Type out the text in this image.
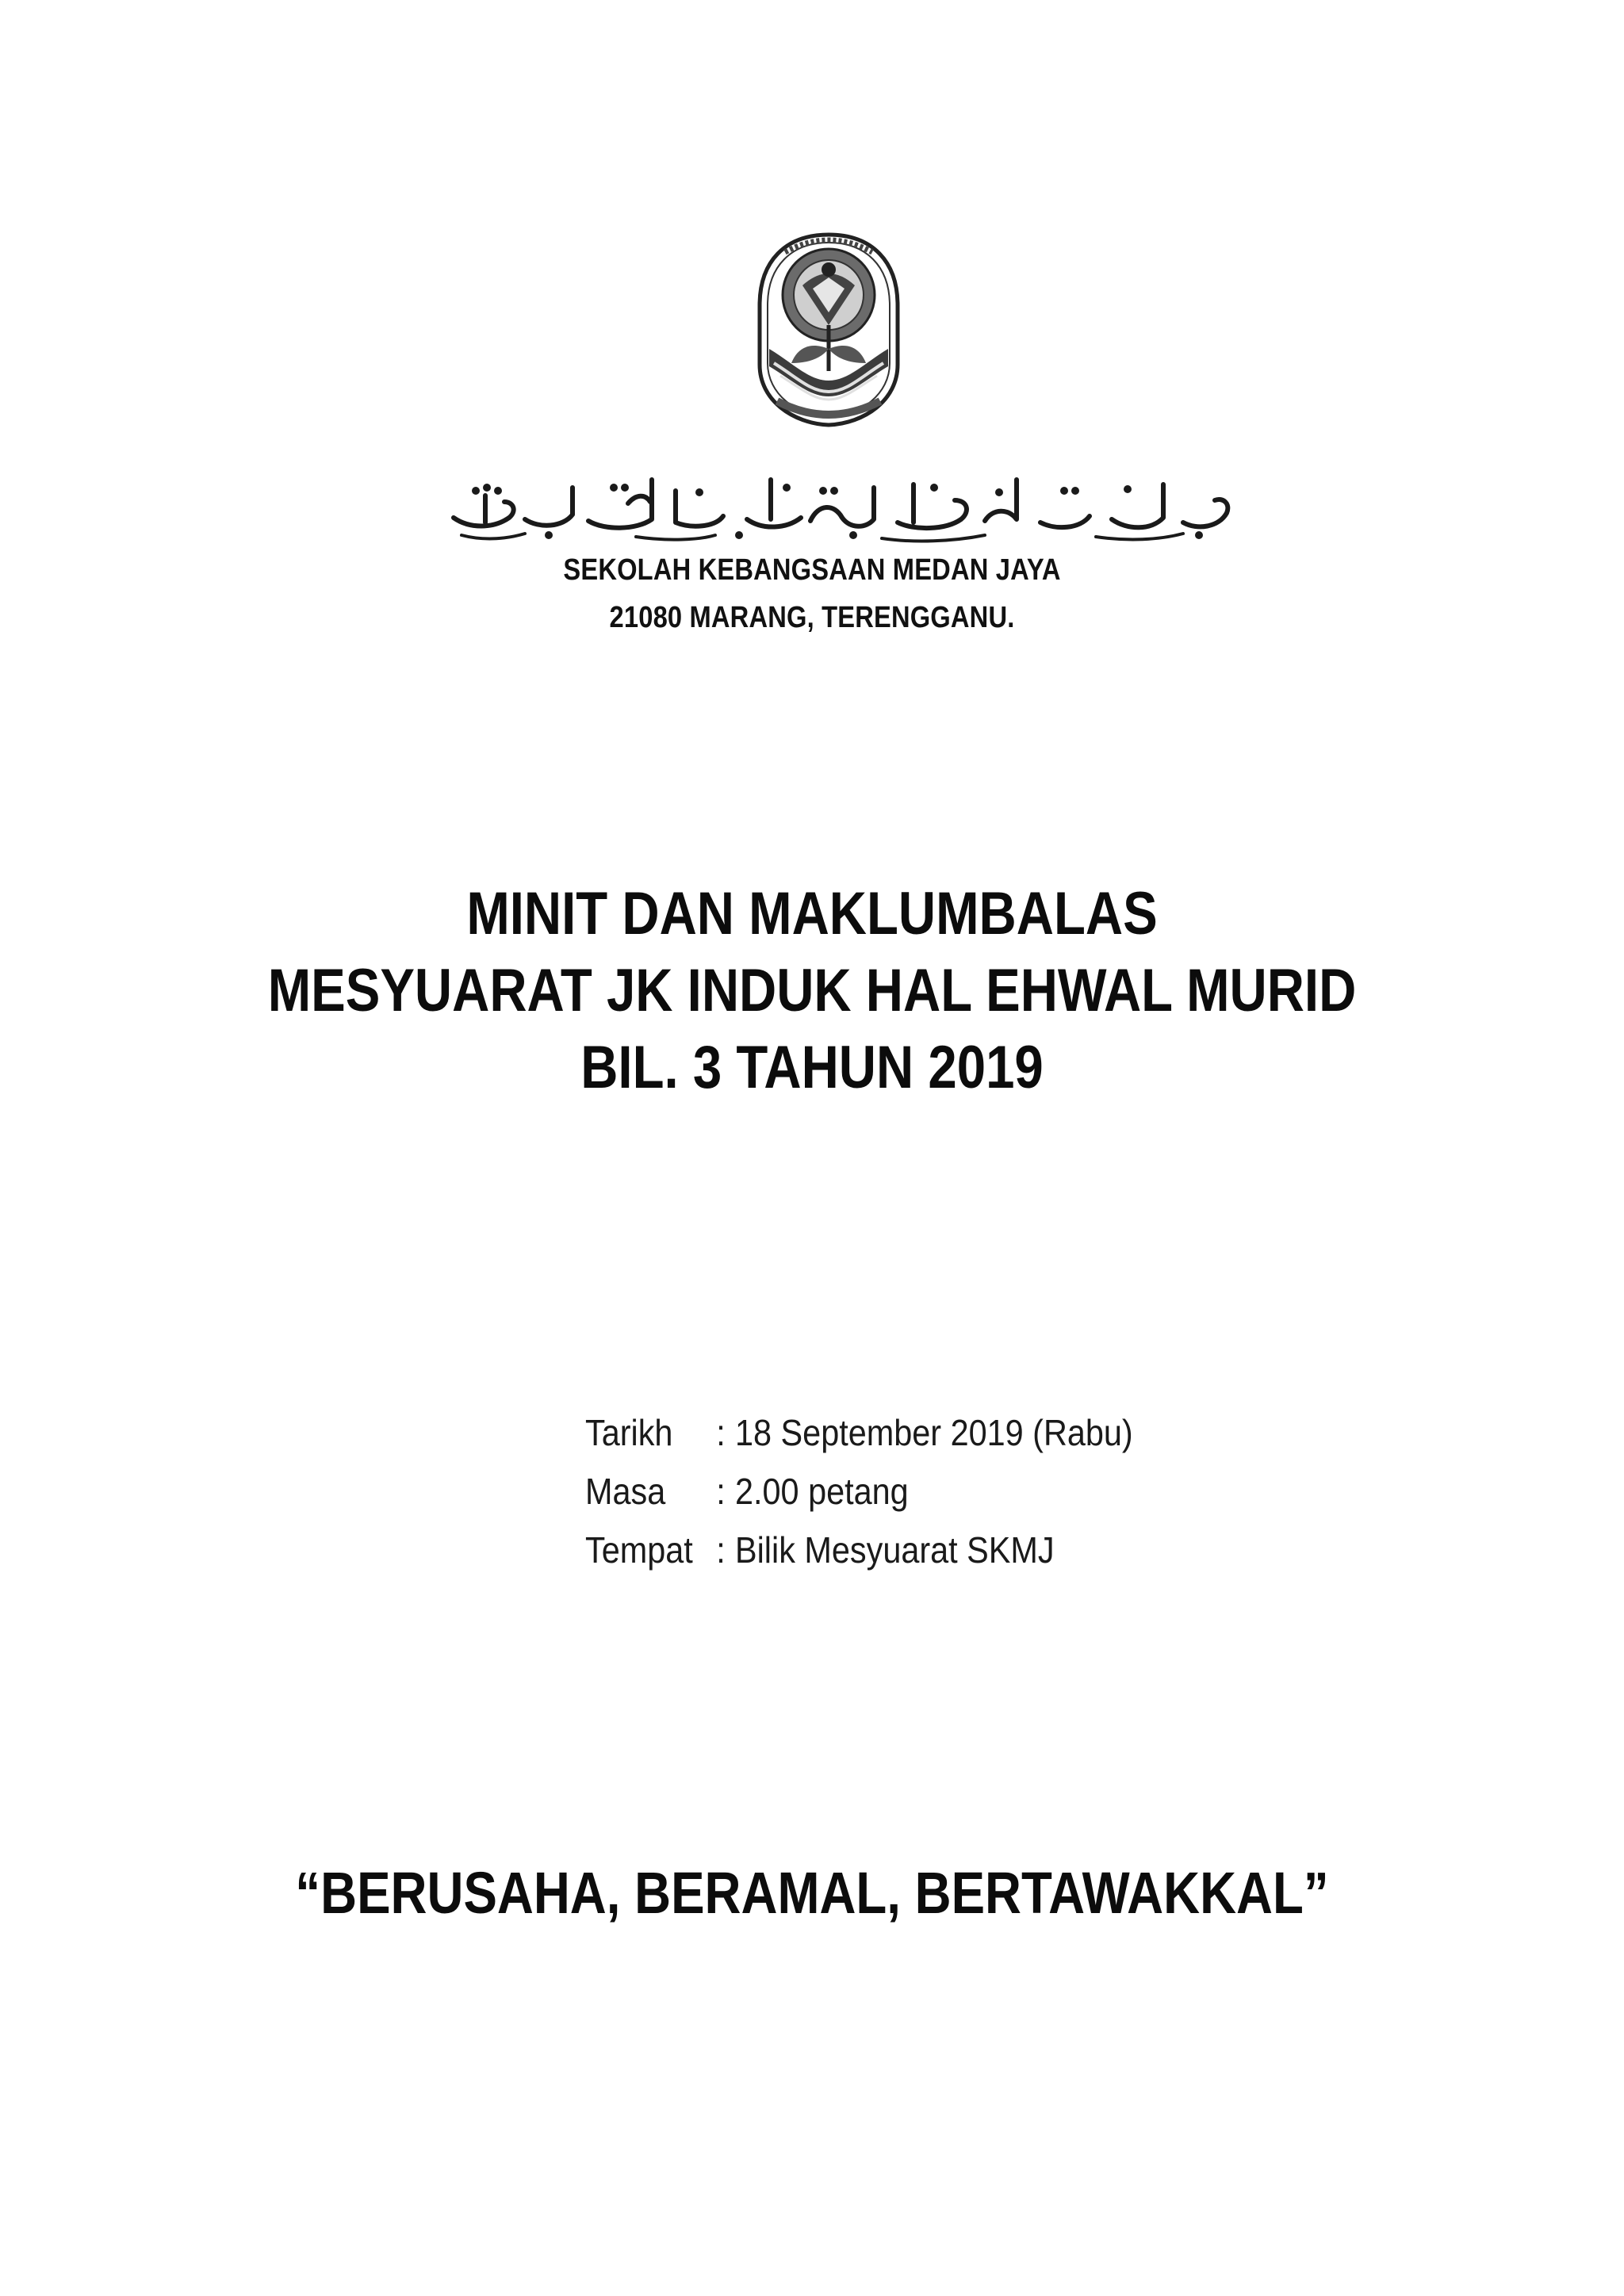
SEKOLAH KEBANGSAAN MEDAN JAYA
21080 MARANG, TERENGGANU.
MINIT DAN MAKLUMBALAS
MESYUARAT JK INDUK HAL EHWAL MURID
BIL. 3 TAHUN 2019
Tarikh	: 18 September 2019 (Rabu)
Masa	: 2.00 petang
Tempat : Bilik Mesyuarat SKMJ
“BERUSAHA, BERAMAL, BERTAWAKKAL”
